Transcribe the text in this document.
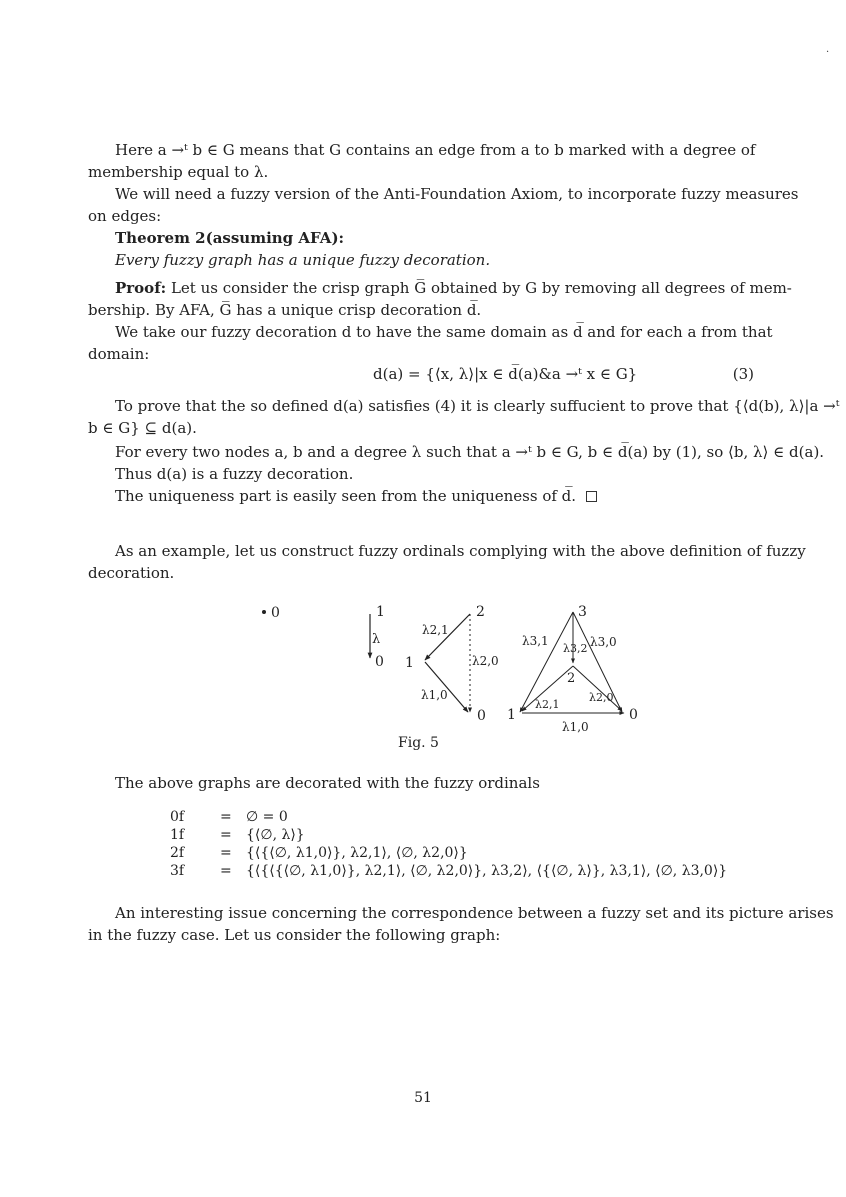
·
Here a →ᵗ b ∈ G means that G contains an edge from a to b marked with a degree of
membership equal to λ.
We will need a fuzzy version of the Anti-Foundation Axiom, to incorporate fuzzy measures
on edges:
Theorem 2(assuming AFA):
Every fuzzy graph has a unique fuzzy decoration.
Proof: Let us consider the crisp graph G̅ obtained by G by removing all degrees of mem-
bership. By AFA, G̅ has a unique crisp decoration d̅.
We take our fuzzy decoration d to have the same domain as d̅ and for each a from that
domain:
d(a) = {⟨x, λ⟩|x ∈ d̅(a)&a →ᵗ x ∈ G}	(3)
To prove that the so defined d(a) satisfies (4) it is clearly suffucient to prove that {⟨d(b), λ⟩|a →ᵗ
b ∈ G} ⊆ d(a).
For every two nodes a, b and a degree λ such that a →ᵗ b ∈ G, b ∈ d̅(a) by (1), so ⟨b, λ⟩ ∈ d(a).
Thus d(a) is a fuzzy decoration.
The uniqueness part is easily seen from the uniqueness of d̅.
As an example, let us construct fuzzy ordinals complying with the above definition of fuzzy
decoration.
0	1
λ
0
2
1
0
λ2,1
λ2,0
λ1,0
3
2
1	0
λ3,1
λ3,2 λ3,0
λ2,1
λ2,0
λ1,0
Fig. 5
The above graphs are decorated with the fuzzy ordinals
0f	= ∅ = 0
1f	= {⟨∅, λ⟩}
2f	= {⟨{⟨∅, λ1,0⟩}, λ2,1⟩, ⟨∅, λ2,0⟩}
3f	= {⟨{⟨{⟨∅, λ1,0⟩}, λ2,1⟩, ⟨∅, λ2,0⟩}, λ3,2⟩, ⟨{⟨∅, λ⟩}, λ3,1⟩, ⟨∅, λ3,0⟩}
An interesting issue concerning the correspondence between a fuzzy set and its picture arises
in the fuzzy case. Let us consider the following graph:
51
